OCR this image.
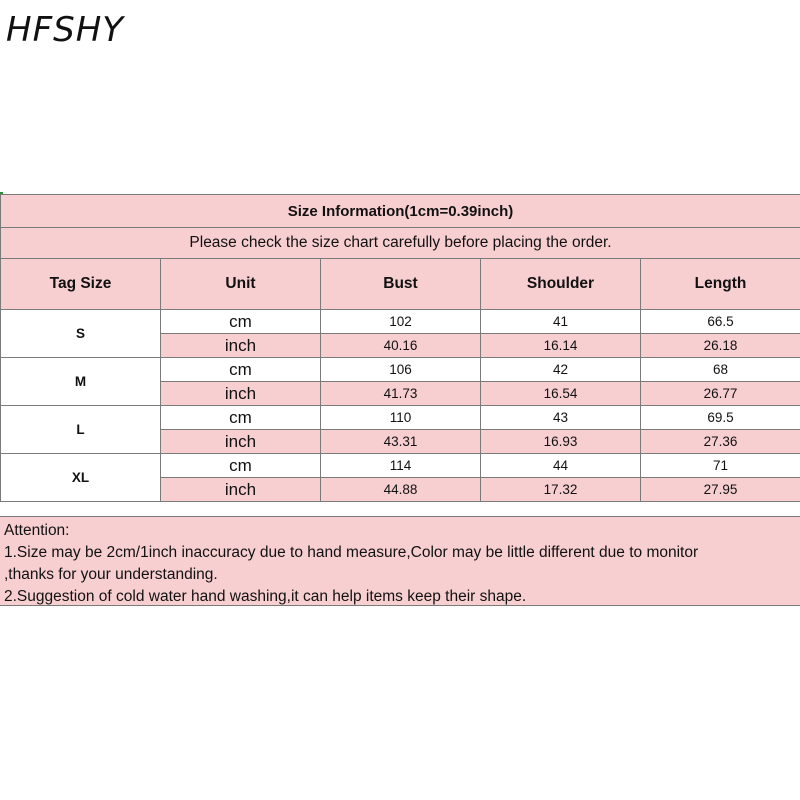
HFSHY
Size Information(1cm=0.39inch)				
Please check the size chart carefully before placing the order.				
Tag Size	Unit	Bust	Shoulder	Length
S	cm	102	41	66.5
	inch	40.16	16.14	26.18
M	cm	106	42	68
	inch	41.73	16.54	26.77
L	cm	110	43	69.5
	inch	43.31	16.93	27.36
XL	cm	114	44	71
	inch	44.88	17.32	27.95
Attention:
1.Size may be 2cm/1inch inaccuracy due to hand measure,Color may be little different due to monitor
,thanks for your understanding.
2.Suggestion of cold water hand washing,it can help items keep their shape.
